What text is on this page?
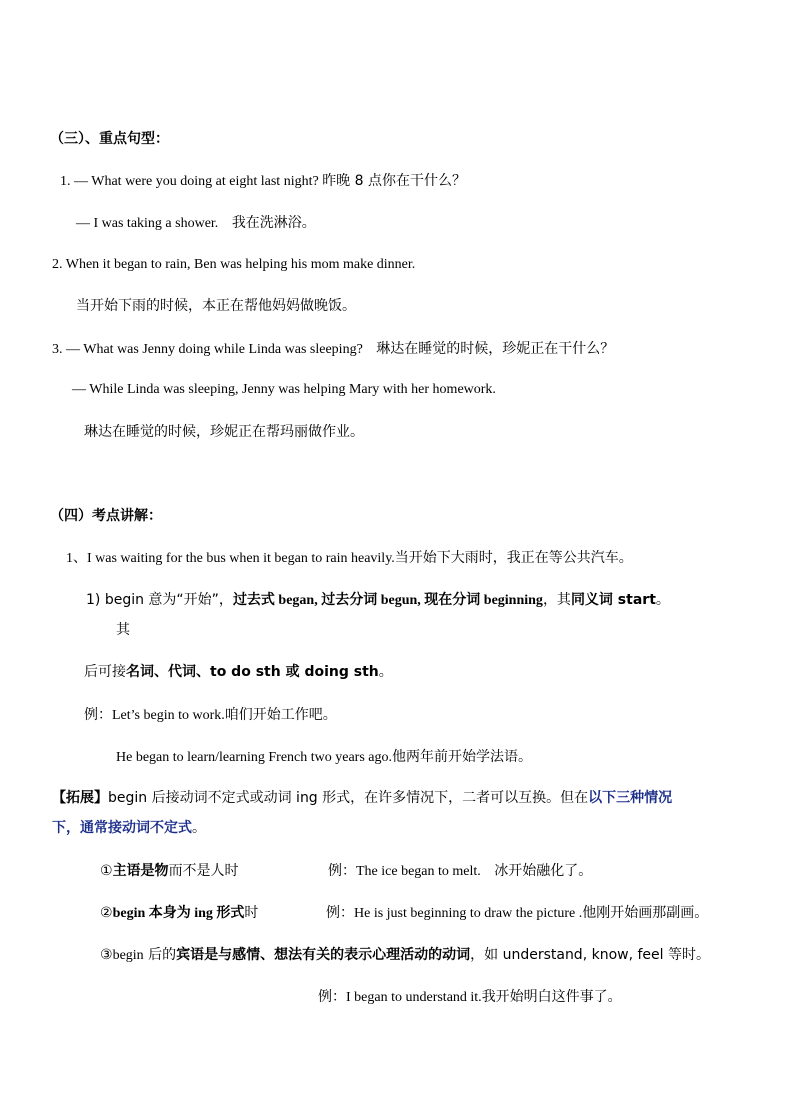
（三）、重点句型：
1. — What were you doing at eight last night? 昨晚 8 点你在干什么？
— I was taking a shower. 我在洗淋浴。
2. When it began to rain, Ben was helping his mom make dinner.
当开始下雨的时候，本正在帮他妈妈做晚饭。
3. — What was Jenny doing while Linda was sleeping? 琳达在睡觉的时候，珍妮正在干什么？
— While Linda was sleeping, Jenny was helping Mary with her homework.
琳达在睡觉的时候，珍妮正在帮玛丽做作业。
（四）考点讲解：
1、I was waiting for the bus when it began to rain heavily.当开始下大雨时，我正在等公共汽车。
1) begin 意为“开始”，过去式 began, 过去分词 begun, 现在分词 beginning，其同义词 start。
其
后可接名词、代词、to do sth 或 doing sth。
例：Let’s begin to work.咱们开始工作吧。
He began to learn/learning French two years ago.他两年前开始学法语。
【拓展】begin 后接动词不定式或动词 ing 形式，在许多情况下，二者可以互换。但在以下三种情况
下，通常接动词不定式。
①主语是物而不是人时	例：The ice began to melt. 冰开始融化了。
②begin 本身为 ing 形式时	例：He is just beginning to draw the picture .他刚开始画那副画。
③begin 后的宾语是与感情、想法有关的表示心理活动的动词，如 understand, know, feel 等时。
例：I began to understand it.我开始明白这件事了。
